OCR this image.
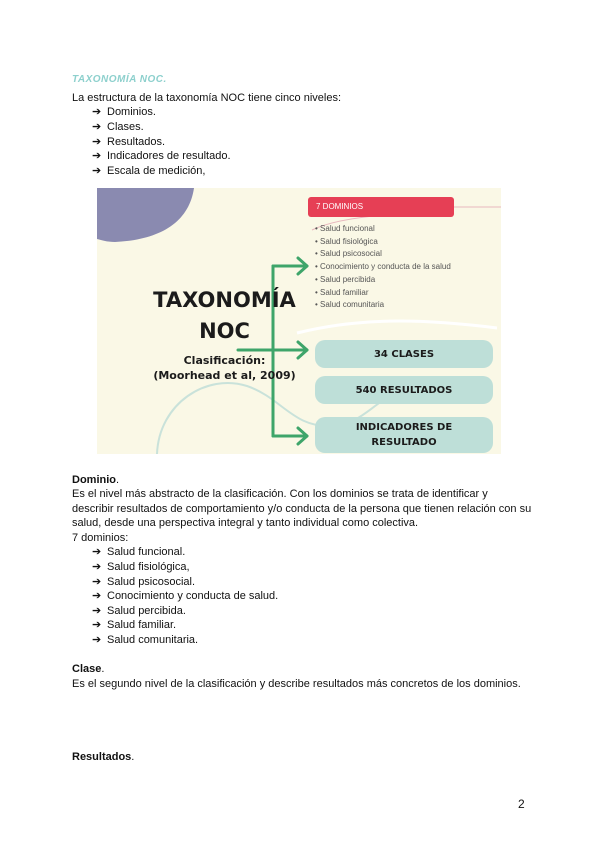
TAXONOMÍA NOC.
La estructura de la taxonomía NOC tiene cinco niveles:
➔ Dominios.
➔ Clases.
➔ Resultados.
➔ Indicadores de resultado.
➔ Escala de medición,
TAXONOMÍA
NOC
Clasificación:
(Moorhead et al, 2009)
7 DOMINIOS
• Salud funcional
• Salud fisiológica
• Salud psicosocial
• Conocimiento y conducta de la salud
• Salud percibida
• Salud familiar
• Salud comunitaria
34 CLASES
540 RESULTADOS
INDICADORES DE
RESULTADO
Dominio.
Es el nivel más abstracto de la clasificación. Con los dominios se trata de identificar y describir resultados de comportamiento y/o conducta de la persona que tienen relación con su salud, desde una perspectiva integral y tanto individual como colectiva.
7 dominios:
➔ Salud funcional.
➔ Salud fisiológica,
➔ Salud psicosocial.
➔ Conocimiento y conducta de salud.
➔ Salud percibida.
➔ Salud familiar.
➔ Salud comunitaria.
Clase.
Es el segundo nivel de la clasificación y describe resultados más concretos de los dominios.
Resultados.
2
